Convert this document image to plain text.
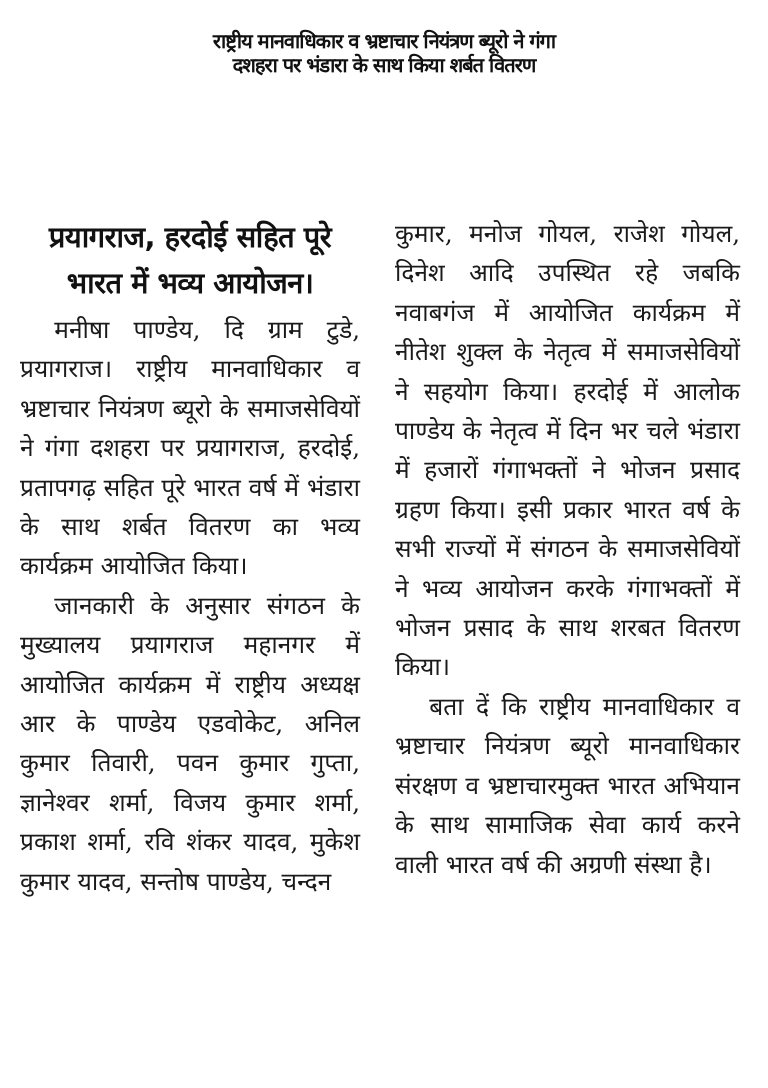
राष्ट्रीय मानवाधिकार व भ्रष्टाचार नियंत्रण ब्यूरो ने गंगा
दशहरा पर भंडारा के साथ किया शर्बत वितरण
प्रयागराज, हरदोई सहित पूरे भारत में भव्य आयोजन।

मनीषा पाण्डेय, दि ग्राम टुडे, प्रयागराज। राष्ट्रीय मानवाधिकार व भ्रष्टाचार नियंत्रण ब्यूरो के समाजसेवियों ने गंगा दशहरा पर प्रयागराज, हरदोई, प्रतापगढ़ सहित पूरे भारत वर्ष में भंडारा के साथ शर्बत वितरण का भव्य कार्यक्रम आयोजित किया।

जानकारी के अनुसार संगठन के मुख्यालय प्रयागराज महानगर में आयोजित कार्यक्रम में राष्ट्रीय अध्यक्ष आर के पाण्डेय एडवोकेट, अनिल कुमार तिवारी, पवन कुमार गुप्ता, ज्ञानेश्वर शर्मा, विजय कुमार शर्मा, प्रकाश शर्मा, रवि शंकर यादव, मुकेश कुमार यादव, सन्तोष पाण्डेय, चन्दन

कुमार, मनोज गोयल, राजेश गोयल, दिनेश आदि उपस्थित रहे जबकि नवाबगंज में आयोजित कार्यक्रम में नीतेश शुक्ल के नेतृत्व में समाजसेवियों ने सहयोग किया। हरदोई में आलोक पाण्डेय के नेतृत्व में दिन भर चले भंडारा में हजारों गंगाभक्तों ने भोजन प्रसाद ग्रहण किया। इसी प्रकार भारत वर्ष के सभी राज्यों में संगठन के समाजसेवियों ने भव्य आयोजन करके गंगाभक्तों में भोजन प्रसाद के साथ शरबत वितरण किया।

बता दें कि राष्ट्रीय मानवाधिकार व भ्रष्टाचार नियंत्रण ब्यूरो मानवाधिकार संरक्षण व भ्रष्टाचारमुक्त भारत अभियान के साथ सामाजिक सेवा कार्य करने वाली भारत वर्ष की अग्रणी संस्था है।
